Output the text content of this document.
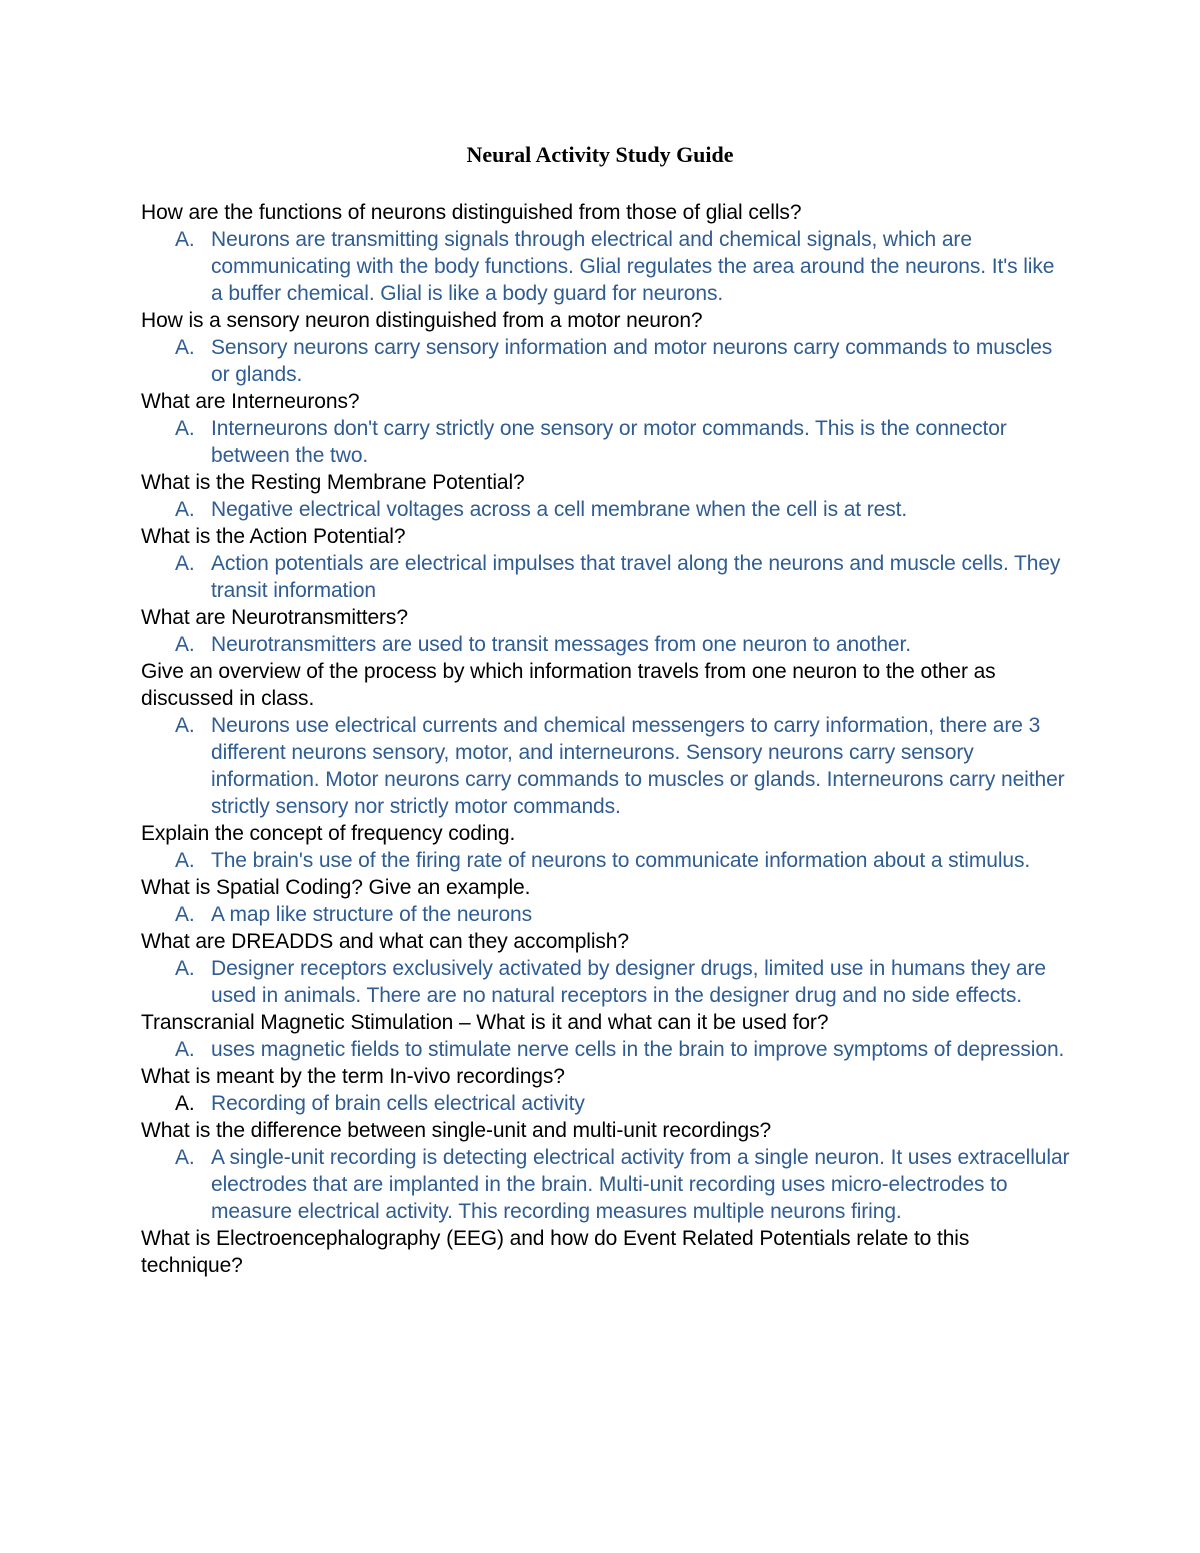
Neural Activity Study Guide

How are the functions of neurons distinguished from those of glial cells?

A. Neurons are transmitting signals through electrical and chemical signals, which are communicating with the body functions. Glial regulates the area around the neurons. It's like a buffer chemical. Glial is like a body guard for neurons.

How is a sensory neuron distinguished from a motor neuron?

A. Sensory neurons carry sensory information and motor neurons carry commands to muscles or glands.

What are Interneurons?

A. Interneurons don't carry strictly one sensory or motor commands. This is the connector between the two.

What is the Resting Membrane Potential?

A. Negative electrical voltages across a cell membrane when the cell is at rest.

What is the Action Potential?

A. Action potentials are electrical impulses that travel along the neurons and muscle cells. They transit information

What are Neurotransmitters?

A. Neurotransmitters are used to transit messages from one neuron to another.

Give an overview of the process by which information travels from one neuron to the other as discussed in class.

A. Neurons use electrical currents and chemical messengers to carry information, there are 3 different neurons sensory, motor, and interneurons. Sensory neurons carry sensory information. Motor neurons carry commands to muscles or glands. Interneurons carry neither strictly sensory nor strictly motor commands.

Explain the concept of frequency coding.

A. The brain's use of the firing rate of neurons to communicate information about a stimulus.

What is Spatial Coding? Give an example.

A. A map like structure of the neurons

What are DREADDS and what can they accomplish?

A. Designer receptors exclusively activated by designer drugs, limited use in humans they are used in animals. There are no natural receptors in the designer drug and no side effects.

Transcranial Magnetic Stimulation – What is it and what can it be used for?

A. uses magnetic fields to stimulate nerve cells in the brain to improve symptoms of depression.

What is meant by the term In-vivo recordings?

A. Recording of brain cells electrical activity

What is the difference between single-unit and multi-unit recordings?

A. A single-unit recording is detecting electrical activity from a single neuron. It uses extracellular electrodes that are implanted in the brain. Multi-unit recording uses micro-electrodes to measure electrical activity. This recording measures multiple neurons firing.

What is Electroencephalography (EEG) and how do Event Related Potentials relate to this technique?
